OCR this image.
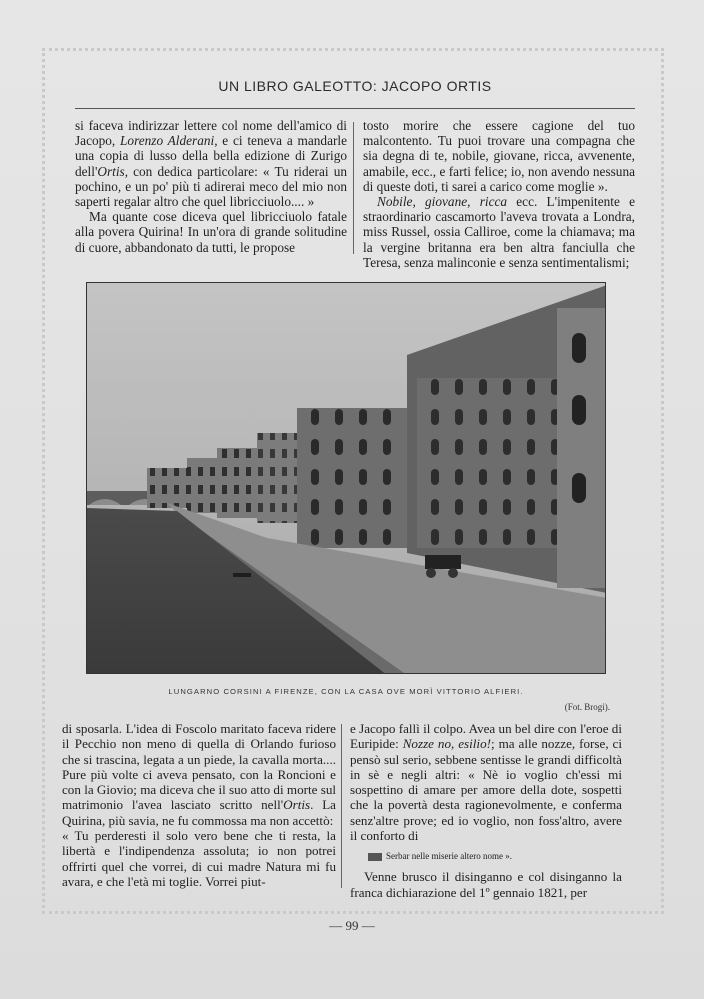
UN LIBRO GALEOTTO: JACOPO ORTIS

si faceva indirizzar lettere col nome dell'amico di Jacopo, Lorenzo Alderani, e ci teneva a mandarle una copia di lusso della bella edizione di Zurigo dell'Ortis, con dedica particolare: « Tu riderai un pochino, e un po' più ti adirerai meco del mio non saperti regalar altro che quel libricciuolo.... »

Ma quante cose diceva quel libricciuolo fatale alla povera Quirina! In un'ora di grande solitudine di cuore, abbandonato da tutti, le propose

tosto morire che essere cagione del tuo malcontento. Tu puoi trovare una compagna che sia degna di te, nobile, giovane, ricca, avvenente, amabile, ecc., e farti felice; io, non avendo nessuna di queste doti, ti sarei a carico come moglie ».

Nobile, giovane, ricca ecc. L'impenitente e straordinario cascamorto l'aveva trovata a Londra, miss Russel, ossia Calliroe, come la chiamava; ma la vergine britanna era ben altra fanciulla che Teresa, senza malinconie e senza sentimentalismi;

LUNGARNO CORSINI A FIRENZE, CON LA CASA OVE MORÌ VITTORIO ALFIERI.
(Fot. Brogi).

di sposarla. L'idea di Foscolo maritato faceva ridere il Pecchio non meno di quella di Orlando furioso che si trascina, legata a un piede, la cavalla morta.... Pure più volte ci aveva pensato, con la Roncioni e con la Giovio; ma diceva che il suo atto di morte sul matrimonio l'avea lasciato scritto nell'Ortis. La Quirina, più savia, ne fu commossa ma non accettò:

« Tu perderesti il solo vero bene che ti resta, la libertà e l'indipendenza assoluta; io non potrei offrirti quel che vorrei, di cui madre Natura mi fu avara, e che l'età mi toglie. Vorrei piut-

e Jacopo fallì il colpo. Avea un bel dire con l'eroe di Euripide: Nozze no, esilio!; ma alle nozze, forse, ci pensò sul serio, sebbene sentisse le grandi difficoltà in sè e negli altri: « Nè io voglio ch'essi mi sospettino di amare per amore della dote, sospetti che la povertà desta ragionevolmente, e conferma senz'altre prove; ed io voglio, non foss'altro, avere il conforto di

Serbar nelle miserie altero nome ».

Venne brusco il disinganno e col disinganno la franca dichiarazione del 1º gennaio 1821, per

— 99 —
